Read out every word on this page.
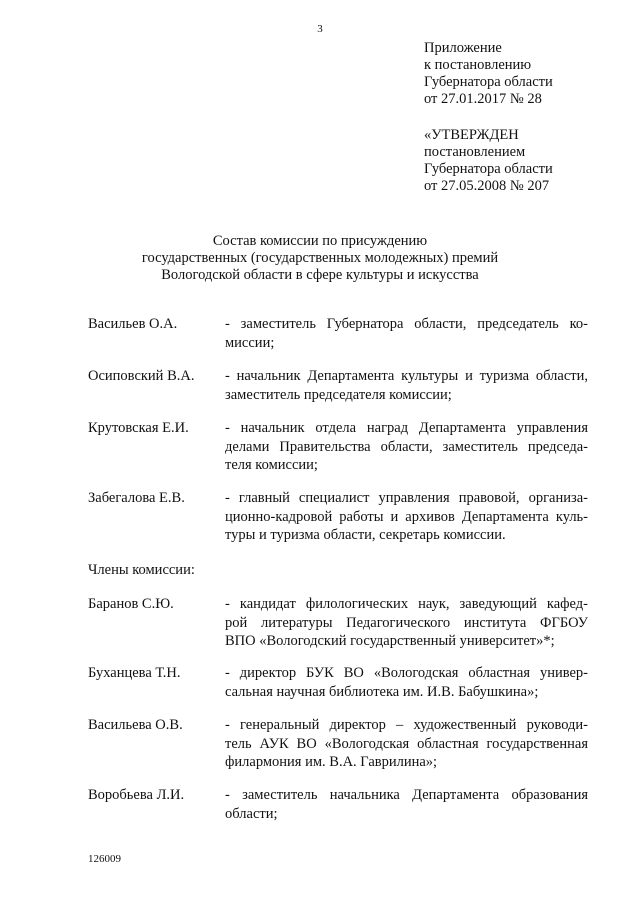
3
Приложение
к постановлению
Губернатора области
от 27.01.2017 № 28
«УТВЕРЖДЕН
постановлением
Губернатора области
от 27.05.2008 № 207
Состав комиссии по присуждению
государственных (государственных молодежных) премий
Вологодской области в сфере культуры и искусства
Васильев О.А.	- заместитель Губернатора области, председатель ко-
миссии;
Осиповский В.А. - начальник Департамента культуры и туризма области,
заместитель председателя комиссии;
Крутовская Е.И.	- начальник отдела наград Департамента управления
делами Правительства области, заместитель председа-
теля комиссии;
Забегалова Е.В.	- главный специалист управления правовой, организа-
ционно-кадровой работы и архивов Департамента куль-
туры и туризма области, секретарь комиссии.
Члены комиссии:
Баранов С.Ю.	- кандидат филологических наук, заведующий кафед-
рой литературы Педагогического института ФГБОУ
ВПО «Вологодский государственный университет»*;
Буханцева Т.Н.	- директор БУК ВО «Вологодская областная универ-
сальная научная библиотека им. И.В. Бабушкина»;
Васильева О.В.	- генеральный директор – художественный руководи-
тель АУК ВО «Вологодская областная государственная
филармония им. В.А. Гаврилина»;
Воробьева Л.И.	- заместитель начальника Департамента образования
области;
126009
